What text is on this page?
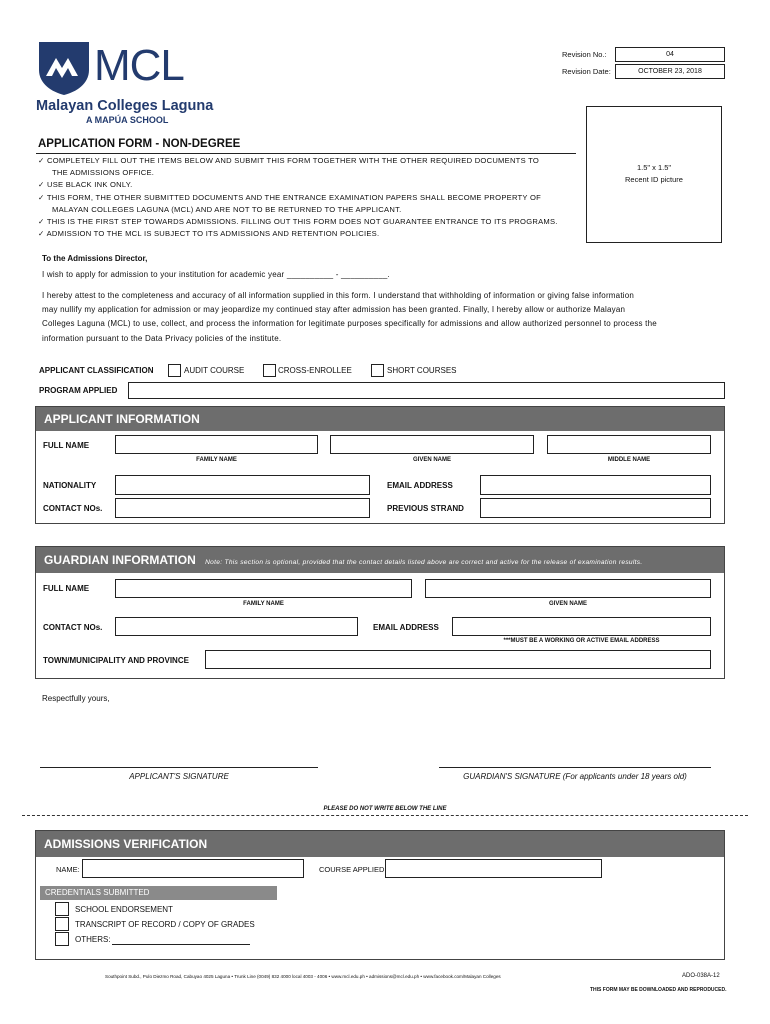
MCL
Malayan Colleges Laguna
A MAPÚA SCHOOL
Revision No.:	04
Revision Date:	OCTOBER 23, 2018
1.5" x 1.5"
Recent ID picture
APPLICATION FORM - NON-DEGREE
✓ COMPLETELY FILL OUT THE ITEMS BELOW AND SUBMIT THIS FORM TOGETHER WITH THE OTHER REQUIRED DOCUMENTS TO
THE ADMISSIONS OFFICE.
✓ USE BLACK INK ONLY.
✓ THIS FORM, THE OTHER SUBMITTED DOCUMENTS AND THE ENTRANCE EXAMINATION PAPERS SHALL BECOME PROPERTY OF
MALAYAN COLLEGES LAGUNA (MCL) AND ARE NOT TO BE RETURNED TO THE APPLICANT.
✓ THIS IS THE FIRST STEP TOWARDS ADMISSIONS. FILLING OUT THIS FORM DOES NOT GUARANTEE ENTRANCE TO ITS PROGRAMS.
✓ ADMISSION TO THE MCL IS SUBJECT TO ITS ADMISSIONS AND RETENTION POLICIES.
To the Admissions Director,
I wish to apply for admission to your institution for academic year __________ - __________.
I hereby attest to the completeness and accuracy of all information supplied in this form. I understand that withholding of information or giving false information
may nullify my application for admission or may jeopardize my continued stay after admission has been granted. Finally, I hereby allow or authorize Malayan
Colleges Laguna (MCL) to use, collect, and process the information for legitimate purposes specifically for admissions and allow authorized personnel to process the
information pursuant to the Data Privacy policies of the institute.
APPLICANT CLASSIFICATION	AUDIT COURSE	CROSS-ENROLLEE	SHORT COURSES
PROGRAM APPLIED
APPLICANT INFORMATION
FULL NAME
FAMILY NAME	GIVEN NAME	MIDDLE NAME
NATIONALITY	EMAIL ADDRESS
CONTACT NOs.	PREVIOUS STRAND
GUARDIAN INFORMATION Note: This section is optional, provided that the contact details listed above are correct and active for the release of examination results.
FULL NAME
FAMILY NAME	GIVEN NAME
CONTACT NOs.	EMAIL ADDRESS
***MUST BE A WORKING OR ACTIVE EMAIL ADDRESS
TOWN/MUNICIPALITY AND PROVINCE
Respectfully yours,
APPLICANT'S SIGNATURE	GUARDIAN'S SIGNATURE (For applicants under 18 years old)
PLEASE DO NOT WRITE BELOW THE LINE
ADMISSIONS VERIFICATION
NAME:	COURSE APPLIED
CREDENTIALS SUBMITTED
SCHOOL ENDORSEMENT
TRANSCRIPT OF RECORD / COPY OF GRADES
OTHERS:
Southpoint Subd., Pulo Diezmo Road, Cabuyao 4025 Laguna • Trunk Line (0049) 832 4000 local 4003 - 4006 • www.mcl.edu.ph • admissions@mcl.edu.ph • www.facebook.com/Malayan Colleges	ADO-038A-12
THIS FORM MAY BE DOWNLOADED AND REPRODUCED.
